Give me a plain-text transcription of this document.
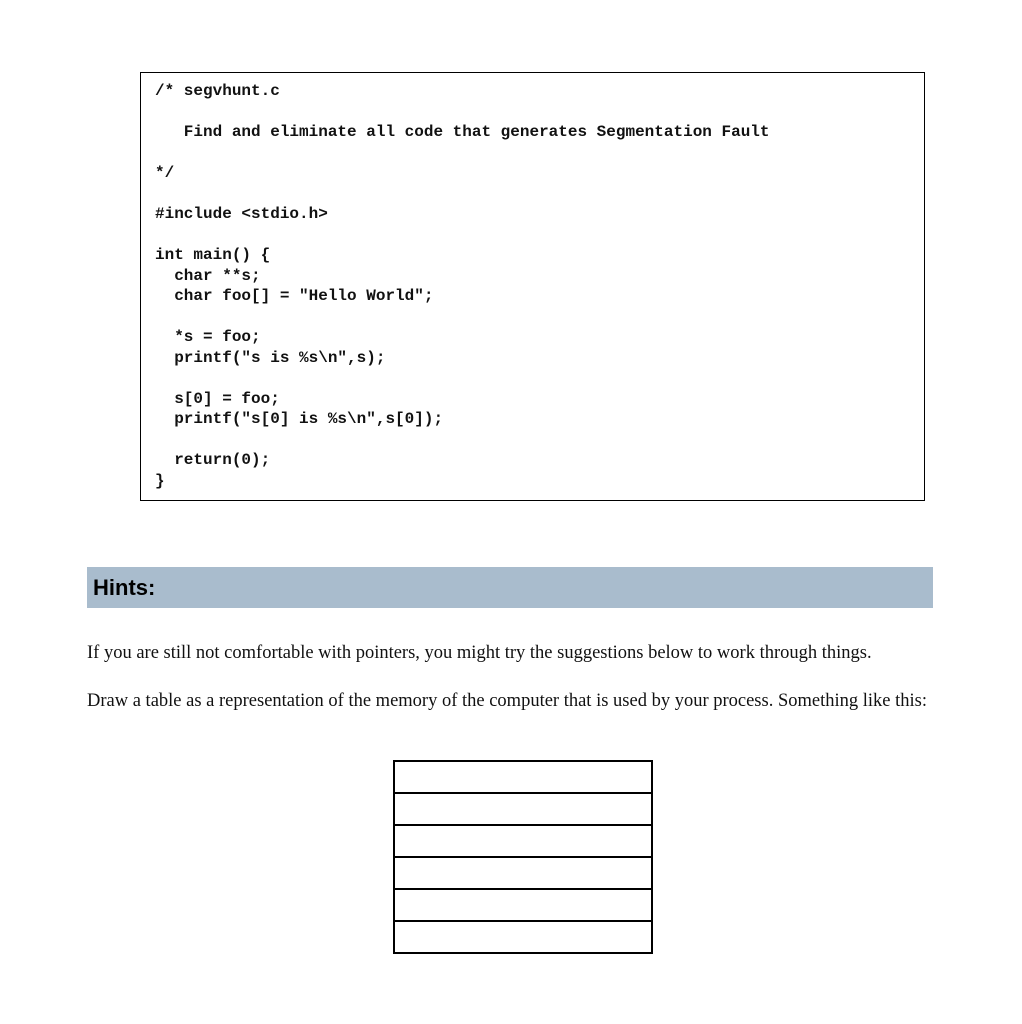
/* segvhunt.c
Find and eliminate all code that generates Segmentation Fault
*/
#include <stdio.h>
int main() {
char **s;
char foo[] = "Hello World";
*s = foo;
printf("s is %s\n",s);
s[0] = foo;
printf("s[0] is %s\n",s[0]);
return(0);
}
Hints:
If you are still not comfortable with pointers, you might try the suggestions below to work through things.
Draw a table as a representation of the memory of the computer that is used by your process. Something like this:
